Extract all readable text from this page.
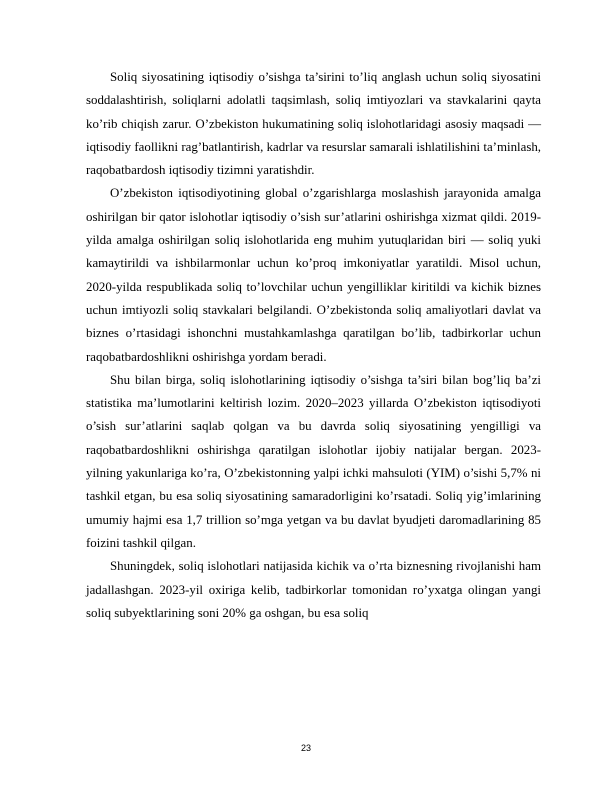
Soliq siyosatining iqtisodiy o’sishga ta’sirini to’liq anglash uchun soliq siyosatini soddalashtirish, soliqlarni adolatli taqsimlash, soliq imtiyozlari va stavkalarini qayta ko’rib chiqish zarur. O’zbekiston hukumatining soliq islohotlaridagi asosiy maqsadi — iqtisodiy faollikni rag’batlantirish, kadrlar va resurslar samarali ishlatilishini ta’minlash, raqobatbardosh iqtisodiy tizimni yaratishdir.

O’zbekiston iqtisodiyotining global o’zgarishlarga moslashish jarayonida amalga oshirilgan bir qator islohotlar iqtisodiy o’sish sur’atlarini oshirishga xizmat qildi. 2019-yilda amalga oshirilgan soliq islohotlarida eng muhim yutuqlaridan biri — soliq yuki kamaytirildi va ishbilarmonlar uchun ko’proq imkoniyatlar yaratildi. Misol uchun, 2020-yilda respublikada soliq to’lovchilar uchun yengilliklar kiritildi va kichik biznes uchun imtiyozli soliq stavkalari belgilandi. O’zbekistonda soliq amaliyotlari davlat va biznes o’rtasidagi ishonchni mustahkamlashga qaratilgan bo’lib, tadbirkorlar uchun raqobatbardoshlikni oshirishga yordam beradi.

Shu bilan birga, soliq islohotlarining iqtisodiy o’sishga ta’siri bilan bog’liq ba’zi statistika ma’lumotlarini keltirish lozim. 2020–2023 yillarda O’zbekiston iqtisodiyoti o’sish sur’atlarini saqlab qolgan va bu davrda soliq siyosatining yengilligi va raqobatbardoshlikni oshirishga qaratilgan islohotlar ijobiy natijalar bergan. 2023-yilning yakunlariga ko’ra, O’zbekistonning yalpi ichki mahsuloti (YIM) o’sishi 5,7% ni tashkil etgan, bu esa soliq siyosatining samaradorligini ko’rsatadi. Soliq yig’imlarining umumiy hajmi esa 1,7 trillion so’mga yetgan va bu davlat byudjeti daromadlarining 85 foizini tashkil qilgan.

Shuningdek, soliq islohotlari natijasida kichik va o’rta biznesning rivojlanishi ham jadallashgan. 2023-yil oxiriga kelib, tadbirkorlar tomonidan ro’yxatga olingan yangi soliq subyektlarining soni 20% ga oshgan, bu esa soliq

23
